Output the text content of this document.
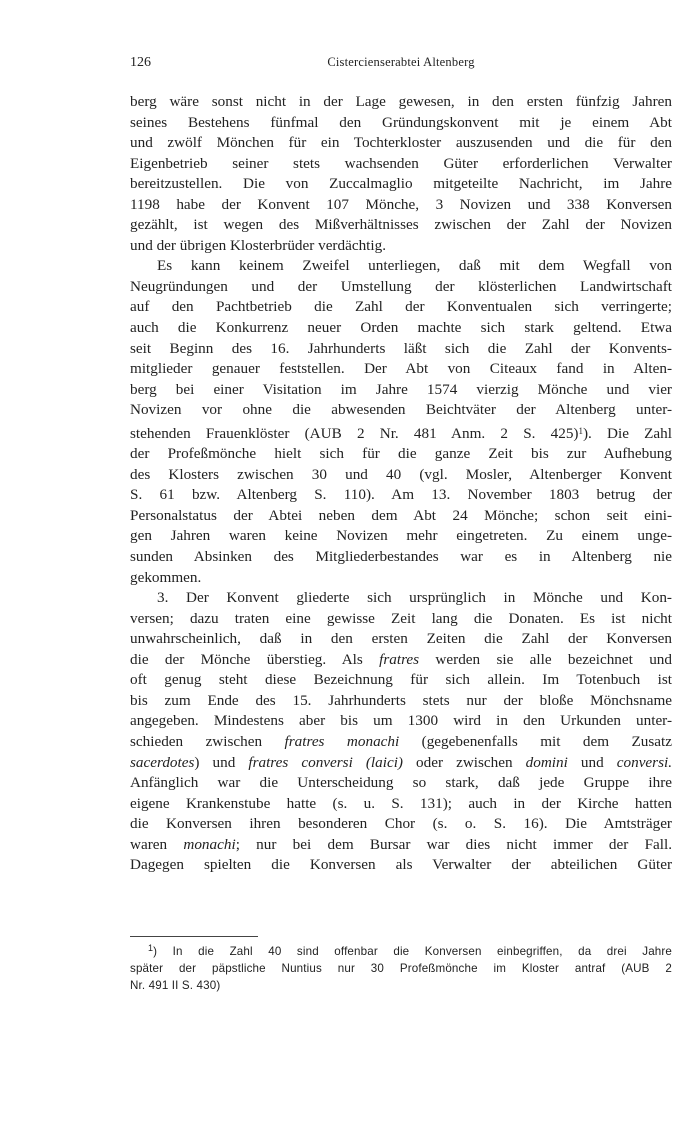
126	Cistercienserabtei Altenberg
berg wäre sonst nicht in der Lage gewesen, in den ersten fünfzig Jahren
seines Bestehens fünfmal den Gründungskonvent mit je einem Abt
und zwölf Mönchen für ein Tochterkloster auszusenden und die für den
Eigenbetrieb seiner stets wachsenden Güter erforderlichen Verwalter
bereitzustellen. Die von Zuccalmaglio mitgeteilte Nachricht, im Jahre
1198 habe der Konvent 107 Mönche, 3 Novizen und 338 Konversen
gezählt, ist wegen des Mißverhältnisses zwischen der Zahl der Novizen
und der übrigen Klosterbrüder verdächtig.
Es kann keinem Zweifel unterliegen, daß mit dem Wegfall von
Neugründungen und der Umstellung der klösterlichen Landwirtschaft
auf den Pachtbetrieb die Zahl der Konventualen sich verringerte;
auch die Konkurrenz neuer Orden machte sich stark geltend. Etwa
seit Beginn des 16. Jahrhunderts läßt sich die Zahl der Konvents-
mitglieder genauer feststellen. Der Abt von Citeaux fand in Alten-
berg bei einer Visitation im Jahre 1574 vierzig Mönche und vier
Novizen vor ohne die abwesenden Beichtväter der Altenberg unter-
stehenden Frauenklöster (AUB 2 Nr. 481 Anm. 2 S. 425)$^1$). Die Zahl
der Profeßmönche hielt sich für die ganze Zeit bis zur Aufhebung
des Klosters zwischen 30 und 40 (vgl. Mosler, Altenberger Konvent
S. 61 bzw. Altenberg S. 110). Am 13. November 1803 betrug der
Personalstatus der Abtei neben dem Abt 24 Mönche; schon seit eini-
gen Jahren waren keine Novizen mehr eingetreten. Zu einem unge-
sunden Absinken des Mitgliederbestandes war es in Altenberg nie
gekommen.
3. Der Konvent gliederte sich ursprünglich in Mönche und Kon-
versen; dazu traten eine gewisse Zeit lang die Donaten. Es ist nicht
unwahrscheinlich, daß in den ersten Zeiten die Zahl der Konversen
die der Mönche überstieg. Als fratres werden sie alle bezeichnet und
oft genug steht diese Bezeichnung für sich allein. Im Totenbuch ist
bis zum Ende des 15. Jahrhunderts stets nur der bloße Mönchsname
angegeben. Mindestens aber bis um 1300 wird in den Urkunden unter-
schieden zwischen fratres monachi (gegebenenfalls mit dem Zusatz
sacerdotes) und fratres conversi (laici) oder zwischen domini und conversi.
Anfänglich war die Unterscheidung so stark, daß jede Gruppe ihre
eigene Krankenstube hatte (s. u. S. 131); auch in der Kirche hatten
die Konversen ihren besonderen Chor (s. o. S. 16). Die Amtsträger
waren monachi; nur bei dem Bursar war dies nicht immer der Fall.
Dagegen spielten die Konversen als Verwalter der abteilichen Güter
$^1$) In die Zahl 40 sind offenbar die Konversen einbegriffen, da drei Jahre
später der päpstliche Nuntius nur 30 Profeßmönche im Kloster antraf (AUB 2
Nr. 491 II S. 430)
